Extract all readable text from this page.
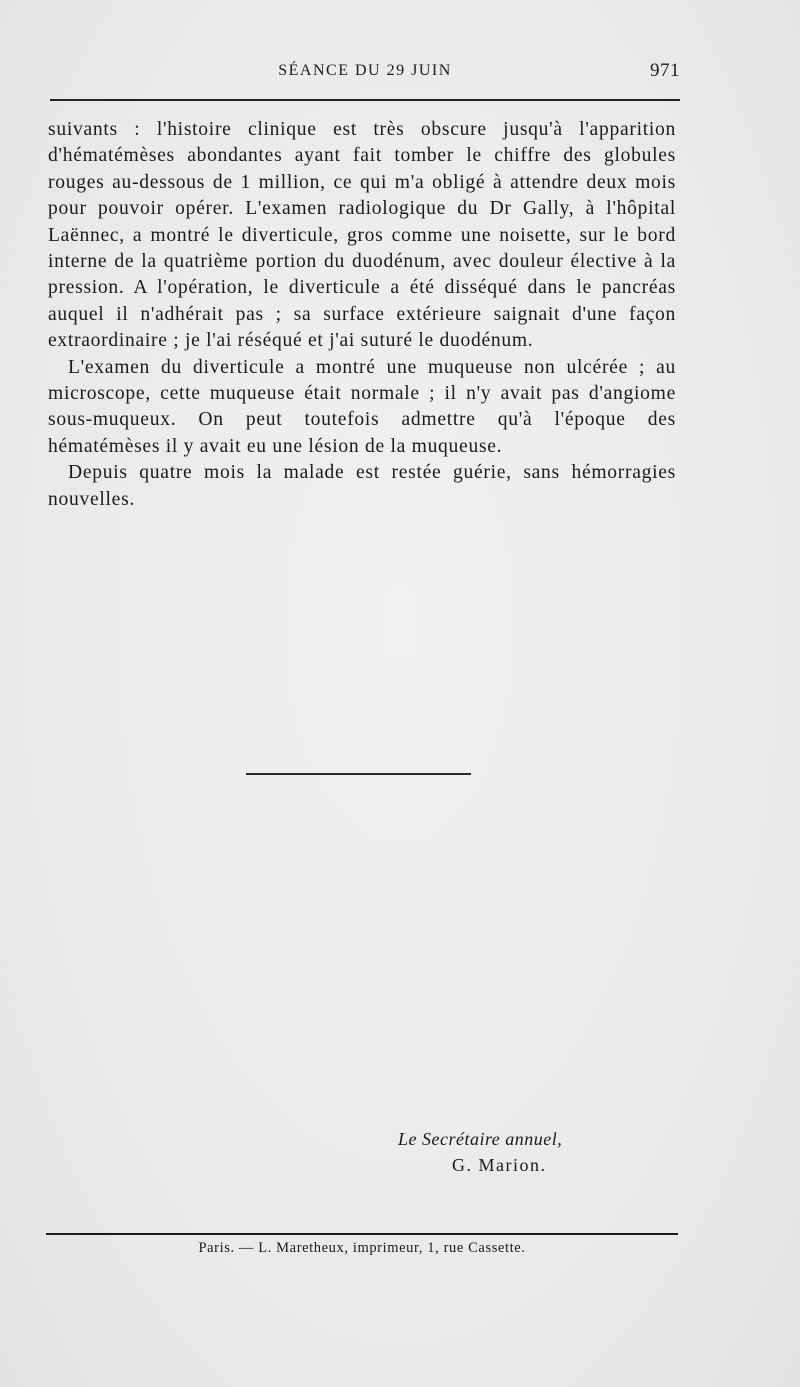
SÉANCE DU 29 JUIN	971

suivants : l'histoire clinique est très obscure jusqu'à l'apparition d'hématémèses abondantes ayant fait tomber le chiffre des globules rouges au-dessous de 1 million, ce qui m'a obligé à attendre deux mois pour pouvoir opérer. L'examen radiologique du Dr Gally, à l'hôpital Laënnec, a montré le diverticule, gros comme une noisette, sur le bord interne de la quatrième portion du duodénum, avec douleur élective à la pression. A l'opération, le diverticule a été disséqué dans le pancréas auquel il n'adhérait pas ; sa surface extérieure saignait d'une façon extraordinaire ; je l'ai réséqué et j'ai suturé le duodénum.

L'examen du diverticule a montré une muqueuse non ulcérée ; au microscope, cette muqueuse était normale ; il n'y avait pas d'angiome sous-muqueux. On peut toutefois admettre qu'à l'époque des hématémèses il y avait eu une lésion de la muqueuse.

Depuis quatre mois la malade est restée guérie, sans hémorragies nouvelles.

Le Secrétaire annuel,
G. Marion.
Paris. — L. Maretheux, imprimeur, 1, rue Cassette.
